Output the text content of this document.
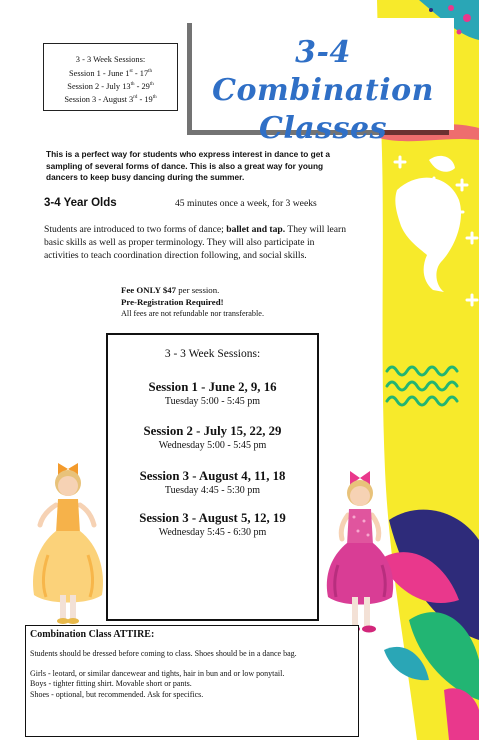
3 - 3 Week Sessions:
Session 1 - June 1st - 17th
Session 2 - July 13th - 29th
Session 3 - August 3rd - 19th
3-4 Combination
Classes
This is a perfect way for students who express interest in dance to get a sampling of several forms of dance. This is also a great way for young dancers to keep busy dancing during the summer.
3-4 Year Olds	45 minutes once a week, for 3 weeks
Students are introduced to two forms of dance; ballet and tap. They will learn basic skills as well as proper terminology. They will also participate in activities to teach coordination direction following, and social skills.
Fee ONLY $47 per session.
Pre-Registration Required!
All fees are not refundable nor transferable.
3 - 3 Week Sessions:
Session 1 - June 2, 9, 16
Tuesday 5:00 - 5:45 pm
Session 2 - July 15, 22, 29
Wednesday 5:00 - 5:45 pm
Session 3 - August 4, 11, 18
Tuesday 4:45 - 5:30 pm
Session 3 - August 5, 12, 19
Wednesday 5:45 - 6:30 pm
Combination Class ATTIRE:
Students should be dressed before coming to class. Shoes should be in a dance bag.
Girls - leotard, or similar dancewear and tights, hair in bun and or low ponytail.
Boys - tighter fitting shirt. Movable short or pants.
Shoes - optional, but recommended. Ask for specifics.
